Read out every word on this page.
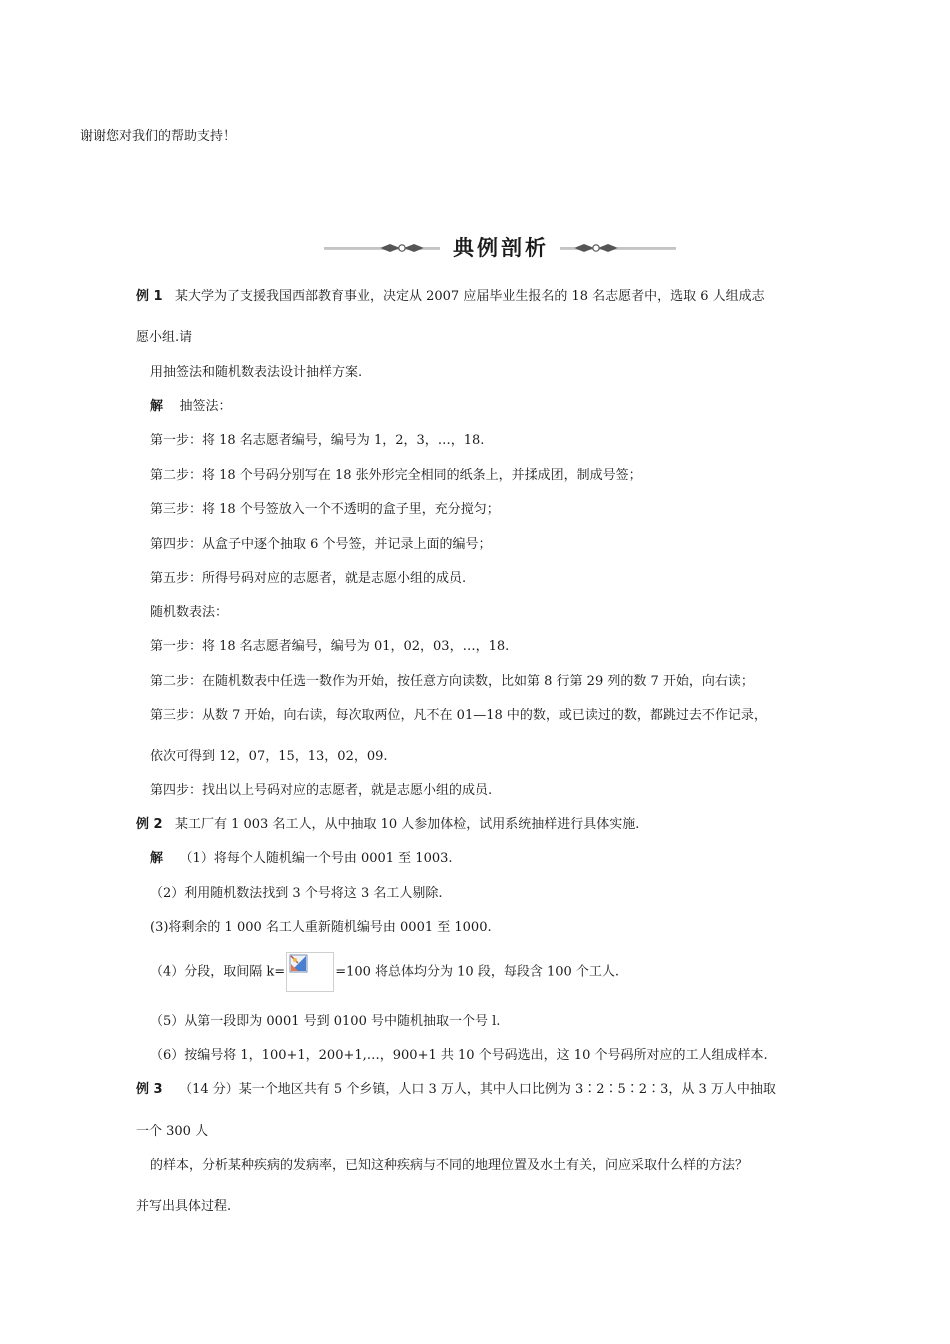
谢谢您对我们的帮助支持！
典例剖析
例 1 某大学为了支援我国西部教育事业，决定从 2007 应届毕业生报名的 18 名志愿者中，选取 6 人组成志
愿小组.请
用抽签法和随机数表法设计抽样方案.
解 抽签法：
第一步：将 18 名志愿者编号，编号为 1，2，3，…，18.
第二步：将 18 个号码分别写在 18 张外形完全相同的纸条上，并揉成团，制成号签；
第三步：将 18 个号签放入一个不透明的盒子里，充分搅匀；
第四步：从盒子中逐个抽取 6 个号签，并记录上面的编号；
第五步：所得号码对应的志愿者，就是志愿小组的成员.
随机数表法：
第一步：将 18 名志愿者编号，编号为 01，02，03，…，18.
第二步：在随机数表中任选一数作为开始，按任意方向读数，比如第 8 行第 29 列的数 7 开始，向右读；
第三步：从数 7 开始，向右读，每次取两位，凡不在 01—18 中的数，或已读过的数，都跳过去不作记录，
依次可得到 12，07，15，13，02，09.
第四步：找出以上号码对应的志愿者，就是志愿小组的成员.
例 2 某工厂有 1 003 名工人，从中抽取 10 人参加体检，试用系统抽样进行具体实施.
解 （1）将每个人随机编一个号由 0001 至 1003.
（2）利用随机数法找到 3 个号将这 3 名工人剔除.
(3)将剩余的 1 000 名工人重新随机编号由 0001 至 1000.
（4）分段，取间隔 k=	=100 将总体均分为 10 段，每段含 100 个工人.
（5）从第一段即为 0001 号到 0100 号中随机抽取一个号 l.
（6）按编号将 1，100+1，200+1,…，900+1 共 10 个号码选出，这 10 个号码所对应的工人组成样本.
例 3 （14 分）某一个地区共有 5 个乡镇，人口 3 万人，其中人口比例为 3∶2∶5∶2∶3，从 3 万人中抽取
一个 300 人
的样本，分析某种疾病的发病率，已知这种疾病与不同的地理位置及水土有关，问应采取什么样的方法？
并写出具体过程.
